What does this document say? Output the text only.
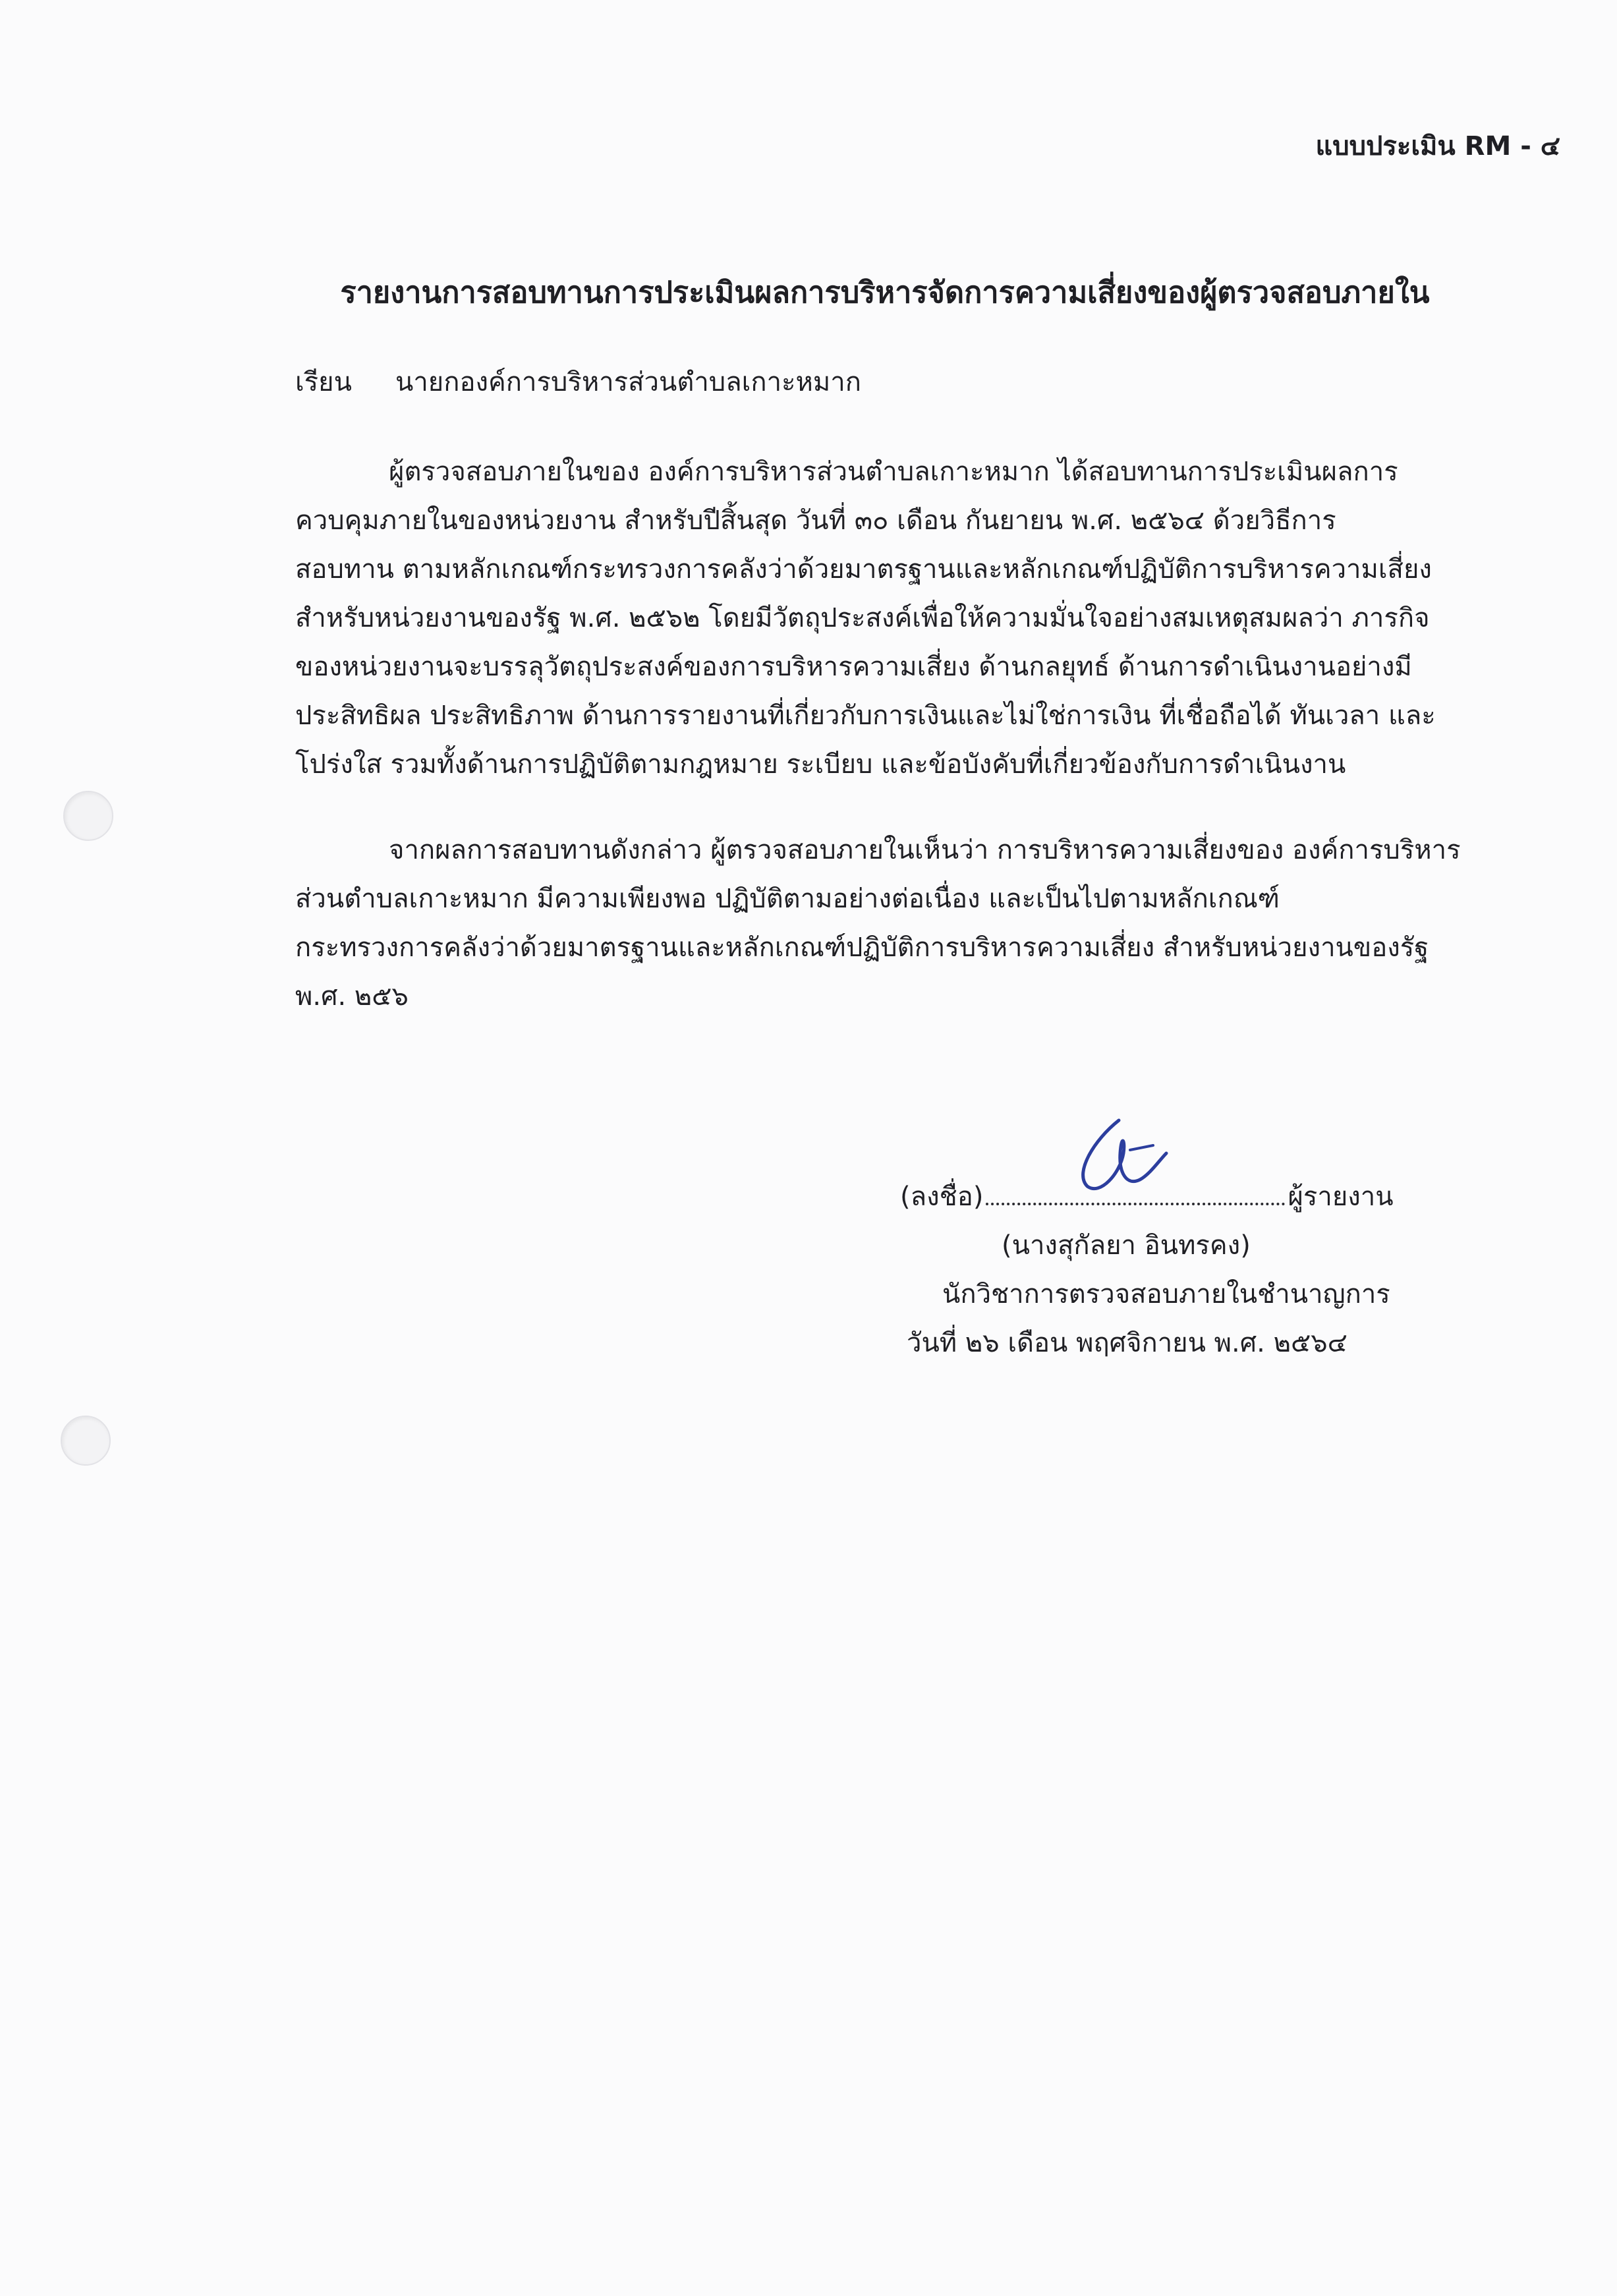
แบบประเมิน RM - ๔
รายงานการสอบทานการประเมินผลการบริหารจัดการความเสี่ยงของผู้ตรวจสอบภายใน
เรียน นายกองค์การบริหารส่วนตำบลเกาะหมาก
ผู้ตรวจสอบภายในของ องค์การบริหารส่วนตำบลเกาะหมาก ได้สอบทานการประเมินผลการ
ควบคุมภายในของหน่วยงาน สำหรับปีสิ้นสุด วันที่ ๓๐ เดือน กันยายน พ.ศ. ๒๕๖๔ ด้วยวิธีการ
สอบทาน ตามหลักเกณฑ์กระทรวงการคลังว่าด้วยมาตรฐานและหลักเกณฑ์ปฏิบัติการบริหารความเสี่ยง
สำหรับหน่วยงานของรัฐ พ.ศ. ๒๕๖๒ โดยมีวัตถุประสงค์เพื่อให้ความมั่นใจอย่างสมเหตุสมผลว่า ภารกิจ
ของหน่วยงานจะบรรลุวัตถุประสงค์ของการบริหารความเสี่ยง ด้านกลยุทธ์ ด้านการดำเนินงานอย่างมี
ประสิทธิผล ประสิทธิภาพ ด้านการรายงานที่เกี่ยวกับการเงินและไม่ใช่การเงิน ที่เชื่อถือได้ ทันเวลา และ
โปร่งใส รวมทั้งด้านการปฏิบัติตามกฎหมาย ระเบียบ และข้อบังคับที่เกี่ยวข้องกับการดำเนินงาน
จากผลการสอบทานดังกล่าว ผู้ตรวจสอบภายในเห็นว่า การบริหารความเสี่ยงของ องค์การบริหาร
ส่วนตำบลเกาะหมาก มีความเพียงพอ ปฏิบัติตามอย่างต่อเนื่อง และเป็นไปตามหลักเกณฑ์
กระทรวงการคลังว่าด้วยมาตรฐานและหลักเกณฑ์ปฏิบัติการบริหารความเสี่ยง สำหรับหน่วยงานของรัฐ
พ.ศ. ๒๕๖
(ลงชื่อ)	ผู้รายงาน
(นางสุกัลยา อินทรคง)
นักวิชาการตรวจสอบภายในชำนาญการ
วันที่ ๒๖ เดือน พฤศจิกายน พ.ศ. ๒๕๖๔
